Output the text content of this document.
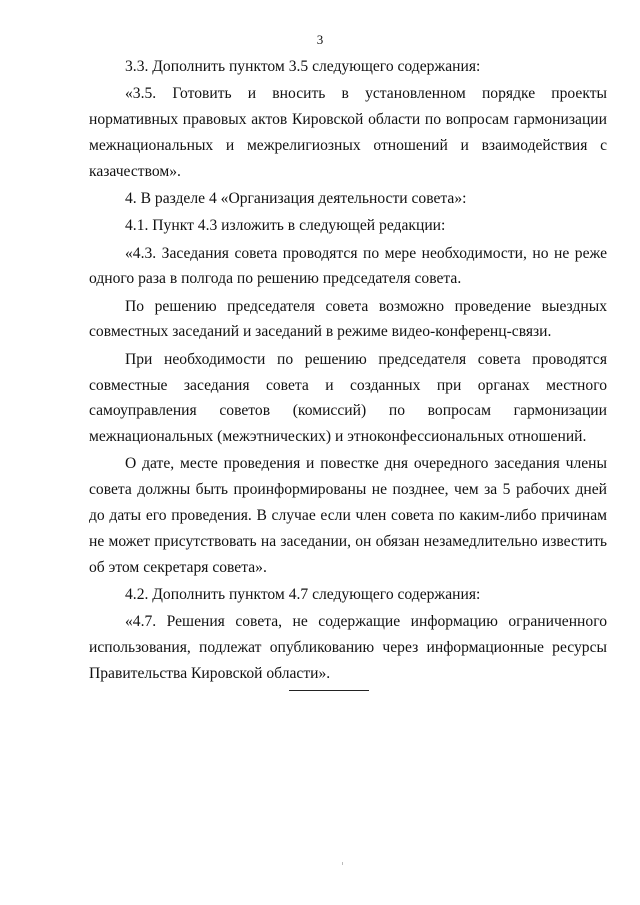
3

3.3. Дополнить пунктом 3.5 следующего содержания:

«3.5. Готовить и вносить в установленном порядке проекты нормативных правовых актов Кировской области по вопросам гармонизации межнациональных и межрелигиозных отношений и взаимодействия с казачеством».

4. В разделе 4 «Организация деятельности совета»:

4.1. Пункт 4.3 изложить в следующей редакции:

«4.3. Заседания совета проводятся по мере необходимости, но не реже одного раза в полгода по решению председателя совета.

По решению председателя совета возможно проведение выездных совместных заседаний и заседаний в режиме видео-конференц-связи.

При необходимости по решению председателя совета проводятся совместные заседания совета и созданных при органах местного самоуправления советов (комиссий) по вопросам гармонизации межнациональных (межэтнических) и этноконфессиональных отношений.

О дате, месте проведения и повестке дня очередного заседания члены совета должны быть проинформированы не позднее, чем за 5 рабочих дней до даты его проведения. В случае если член совета по каким-либо причинам не может присутствовать на заседании, он обязан незамедлительно известить об этом секретаря совета».

4.2. Дополнить пунктом 4.7 следующего содержания:

«4.7. Решения совета, не содержащие информацию ограниченного использования, подлежат опубликованию через информационные ресурсы Правительства Кировской области».
